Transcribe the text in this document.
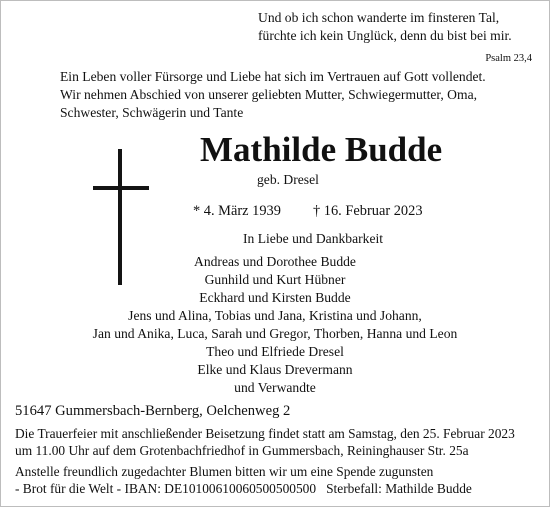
Und ob ich schon wanderte im finsteren Tal,
fürchte ich kein Unglück, denn du bist bei mir.
Psalm 23,4
Ein Leben voller Fürsorge und Liebe hat sich im Vertrauen auf Gott vollendet.
Wir nehmen Abschied von unserer geliebten Mutter, Schwiegermutter, Oma,
Schwester, Schwägerin und Tante
Mathilde Budde
geb. Dresel
* 4. März 1939 † 16. Februar 2023
In Liebe und Dankbarkeit
Andreas und Dorothee Budde
Gunhild und Kurt Hübner
Eckhard und Kirsten Budde
Jens und Alina, Tobias und Jana, Kristina und Johann,
Jan und Anika, Luca, Sarah und Gregor, Thorben, Hanna und Leon
Theo und Elfriede Dresel
Elke und Klaus Drevermann
und Verwandte
51647 Gummersbach-Bernberg, Oelchenweg 2
Die Trauerfeier mit anschließender Beisetzung findet statt am Samstag, den 25. Februar 2023
um 11.00 Uhr auf dem Grotenbachfriedhof in Gummersbach, Reininghauser Str. 25a
Anstelle freundlich zugedachter Blumen bitten wir um eine Spende zugunsten
- Brot für die Welt - IBAN: DE10100610060500500500   Sterbefall: Mathilde Budde
